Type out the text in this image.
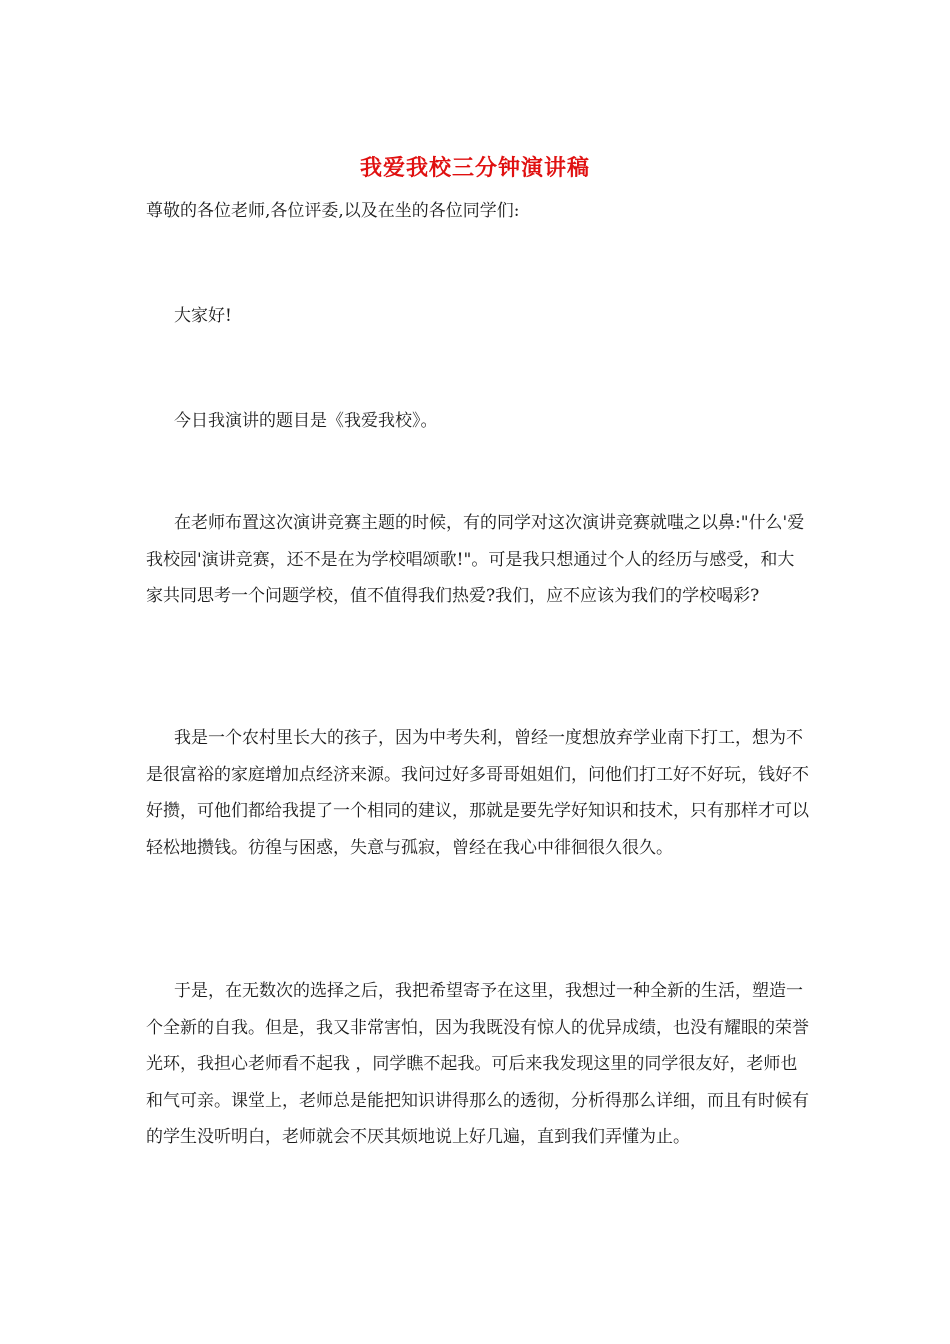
我爱我校三分钟演讲稿
尊敬的各位老师,各位评委,以及在坐的各位同学们:

大家好!

今日我演讲的题目是《我爱我校》。

在老师布置这次演讲竞赛主题的时候，有的同学对这次演讲竞赛就嗤之以鼻:"什么'爱我校园'演讲竞赛，还不是在为学校唱颂歌!"。可是我只想通过个人的经历与感受，和大家共同思考一个问题学校，值不值得我们热爱?我们，应不应该为我们的学校喝彩?

我是一个农村里长大的孩子，因为中考失利，曾经一度想放弃学业南下打工，想为不是很富裕的家庭增加点经济来源。我问过好多哥哥姐姐们，问他们打工好不好玩，钱好不好攒，可他们都给我提了一个相同的建议，那就是要先学好知识和技术，只有那样才可以轻松地攒钱。彷徨与困惑，失意与孤寂，曾经在我心中徘徊很久很久。

于是，在无数次的选择之后，我把希望寄予在这里，我想过一种全新的生活，塑造一个全新的自我。但是，我又非常害怕，因为我既没有惊人的优异成绩，也没有耀眼的荣誉光环，我担心老师看不起我 ，同学瞧不起我。可后来我发现这里的同学很友好，老师也和气可亲。课堂上，老师总是能把知识讲得那么的透彻，分析得那么详细，而且有时候有的学生没听明白，老师就会不厌其烦地说上好几遍，直到我们弄懂为止。
